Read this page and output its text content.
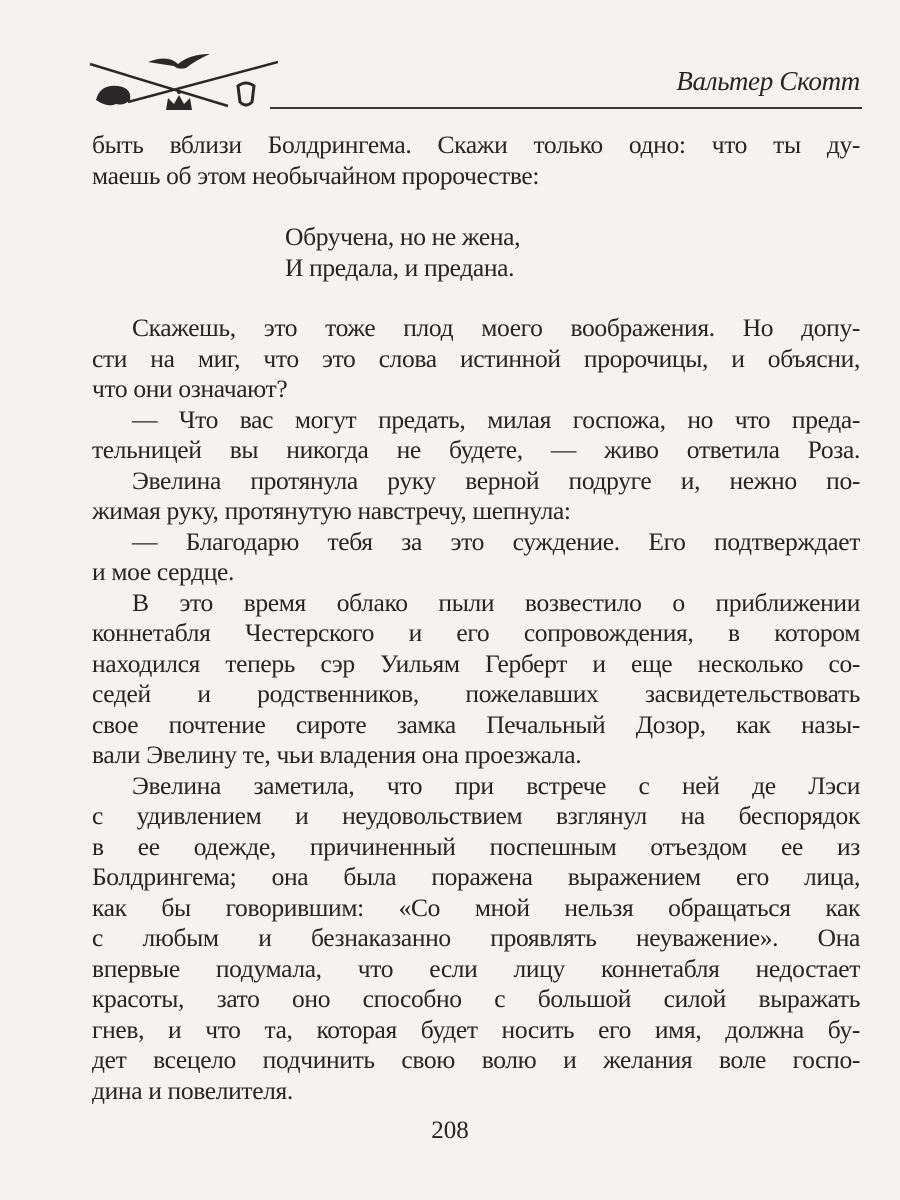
Вальтер Скотт
быть вблизи Болдрингема. Скажи только одно: что ты ду-
маешь об этом необычайном пророчестве:
Обручена, но не жена,
И предала, и предана.
Скажешь, это тоже плод моего воображения. Но допу-
сти на миг, что это слова истинной пророчицы, и объясни,
что они означают?
— Что вас могут предать, милая госпожа, но что преда-
тельницей вы никогда не будете, — живо ответила Роза.
Эвелина протянула руку верной подруге и, нежно по-
жимая руку, протянутую навстречу, шепнула:
— Благодарю тебя за это суждение. Его подтверждает
и мое сердце.
В это время облако пыли возвестило о приближении
коннетабля Честерского и его сопровождения, в котором
находился теперь сэр Уильям Герберт и еще несколько со-
седей и родственников, пожелавших засвидетельствовать
свое почтение сироте замка Печальный Дозор, как назы-
вали Эвелину те, чьи владения она проезжала.
Эвелина заметила, что при встрече с ней де Лэси
с удивлением и неудовольствием взглянул на беспорядок
в ее одежде, причиненный поспешным отъездом ее из
Болдрингема; она была поражена выражением его лица,
как бы говорившим: «Со мной нельзя обращаться как
с любым и безнаказанно проявлять неуважение». Она
впервые подумала, что если лицу коннетабля недостает
красоты, зато оно способно с большой силой выражать
гнев, и что та, которая будет носить его имя, должна бу-
дет всецело подчинить свою волю и желания воле госпо-
дина и повелителя.
208
